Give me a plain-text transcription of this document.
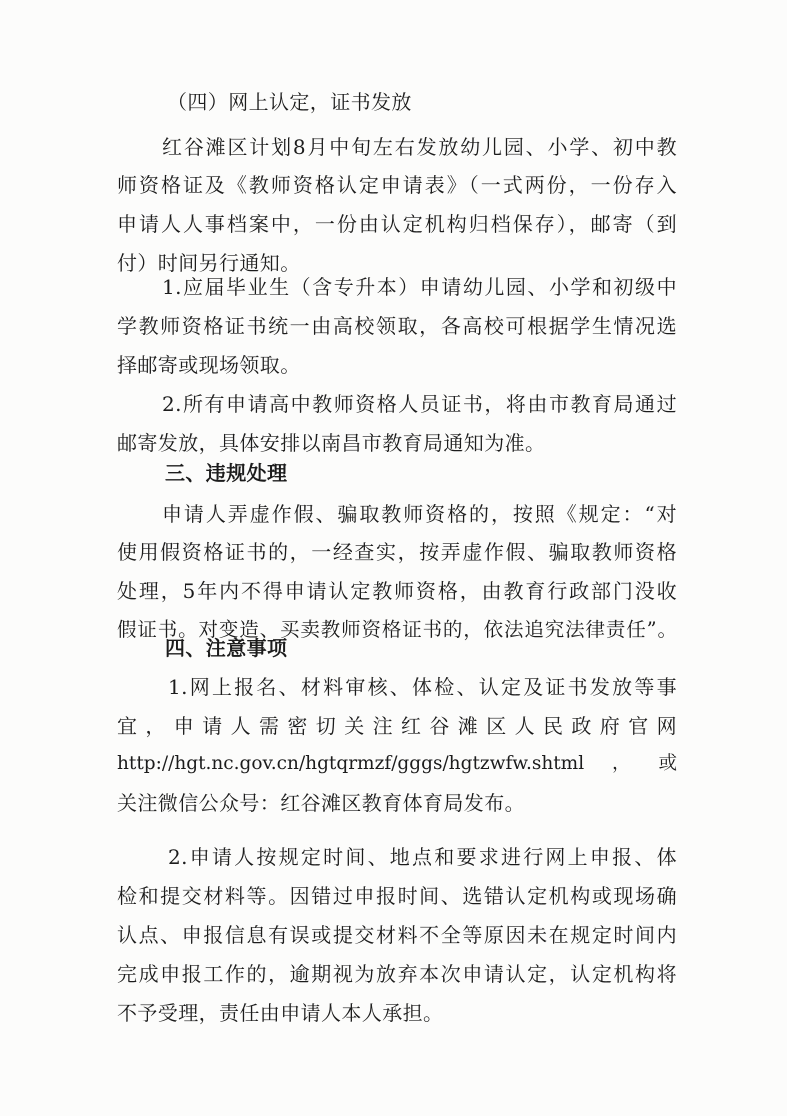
（四）网上认定，证书发放
红谷滩区计划8月中旬左右发放幼儿园、小学、初中教
师资格证及《教师资格认定申请表》（一式两份，一份存入
申请人人事档案中，一份由认定机构归档保存），邮寄（到
付）时间另行通知。
1.应届毕业生（含专升本）申请幼儿园、小学和初级中
学教师资格证书统一由高校领取，各高校可根据学生情况选
择邮寄或现场领取。
2.所有申请高中教师资格人员证书，将由市教育局通过
邮寄发放，具体安排以南昌市教育局通知为准。
三、违规处理
申请人弄虚作假、骗取教师资格的，按照《规定：“对
使用假资格证书的，一经查实，按弄虚作假、骗取教师资格
处理，5年内不得申请认定教师资格，由教育行政部门没收
假证书。对变造、买卖教师资格证书的，依法追究法律责任”。
四、注意事项
1.网上报名、材料审核、体检、认定及证书发放等事
宜，申请人需密切关注红谷滩区人民政府官网
http://hgt.nc.gov.cn/hgtqrmzf/gggs/hgtzwfw.shtml，或
关注微信公众号：红谷滩区教育体育局发布。
2.申请人按规定时间、地点和要求进行网上申报、体
检和提交材料等。因错过申报时间、选错认定机构或现场确
认点、申报信息有误或提交材料不全等原因未在规定时间内
完成申报工作的，逾期视为放弃本次申请认定，认定机构将
不予受理，责任由申请人本人承担。
